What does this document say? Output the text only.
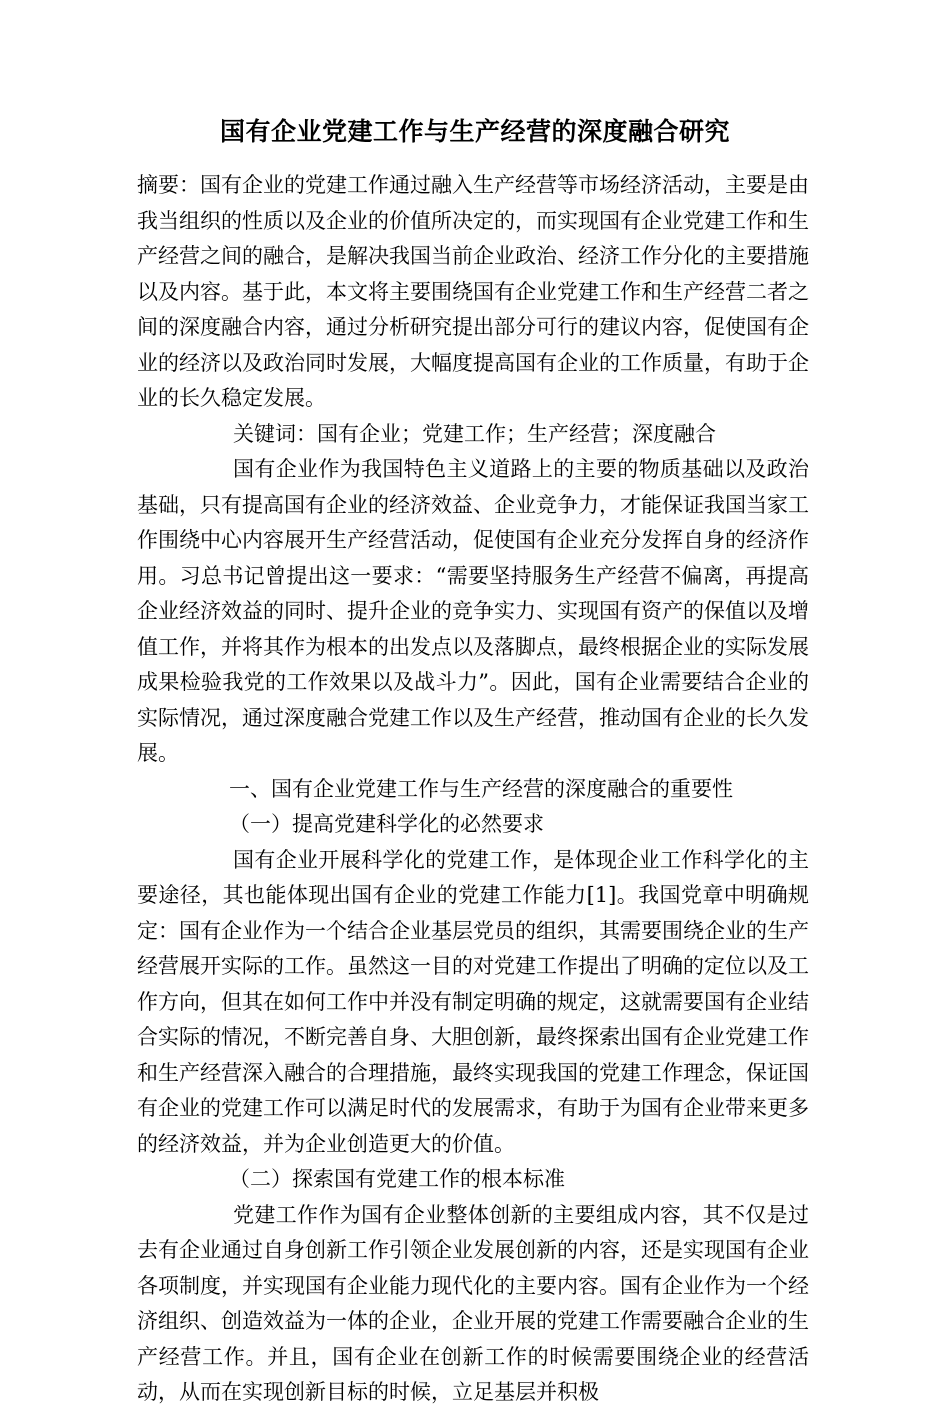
国有企业党建工作与生产经营的深度融合研究

摘要：国有企业的党建工作通过融入生产经营等市场经济活动，主要是由我当组织的性质以及企业的价值所决定的，而实现国有企业党建工作和生产经营之间的融合，是解决我国当前企业政治、经济工作分化的主要措施以及内容。基于此，本文将主要围绕国有企业党建工作和生产经营二者之间的深度融合内容，通过分析研究提出部分可行的建议内容，促使国有企业的经济以及政治同时发展，大幅度提高国有企业的工作质量，有助于企业的长久稳定发展。

关键词：国有企业；党建工作；生产经营；深度融合

国有企业作为我国特色主义道路上的主要的物质基础以及政治基础，只有提高国有企业的经济效益、企业竞争力，才能保证我国当家工作围绕中心内容展开生产经营活动，促使国有企业充分发挥自身的经济作用。习总书记曾提出这一要求：“需要坚持服务生产经营不偏离，再提高企业经济效益的同时、提升企业的竞争实力、实现国有资产的保值以及增值工作，并将其作为根本的出发点以及落脚点，最终根据企业的实际发展成果检验我党的工作效果以及战斗力”。因此，国有企业需要结合企业的实际情况，通过深度融合党建工作以及生产经营，推动国有企业的长久发展。

一、国有企业党建工作与生产经营的深度融合的重要性

（一）提高党建科学化的必然要求

国有企业开展科学化的党建工作，是体现企业工作科学化的主要途径，其也能体现出国有企业的党建工作能力[1]。我国党章中明确规定：国有企业作为一个结合企业基层党员的组织，其需要围绕企业的生产经营展开实际的工作。虽然这一目的对党建工作提出了明确的定位以及工作方向，但其在如何工作中并没有制定明确的规定，这就需要国有企业结合实际的情况，不断完善自身、大胆创新，最终探索出国有企业党建工作和生产经营深入融合的合理措施，最终实现我国的党建工作理念，保证国有企业的党建工作可以满足时代的发展需求，有助于为国有企业带来更多的经济效益，并为企业创造更大的价值。

（二）探索国有党建工作的根本标准

党建工作作为国有企业整体创新的主要组成内容，其不仅是过去有企业通过自身创新工作引领企业发展创新的内容，还是实现国有企业各项制度，并实现国有企业能力现代化的主要内容。国有企业作为一个经济组织、创造效益为一体的企业，企业开展的党建工作需要融合企业的生产经营工作。并且，国有企业在创新工作的时候需要围绕企业的经营活动，从而在实现创新目标的时候，立足基层并积极
